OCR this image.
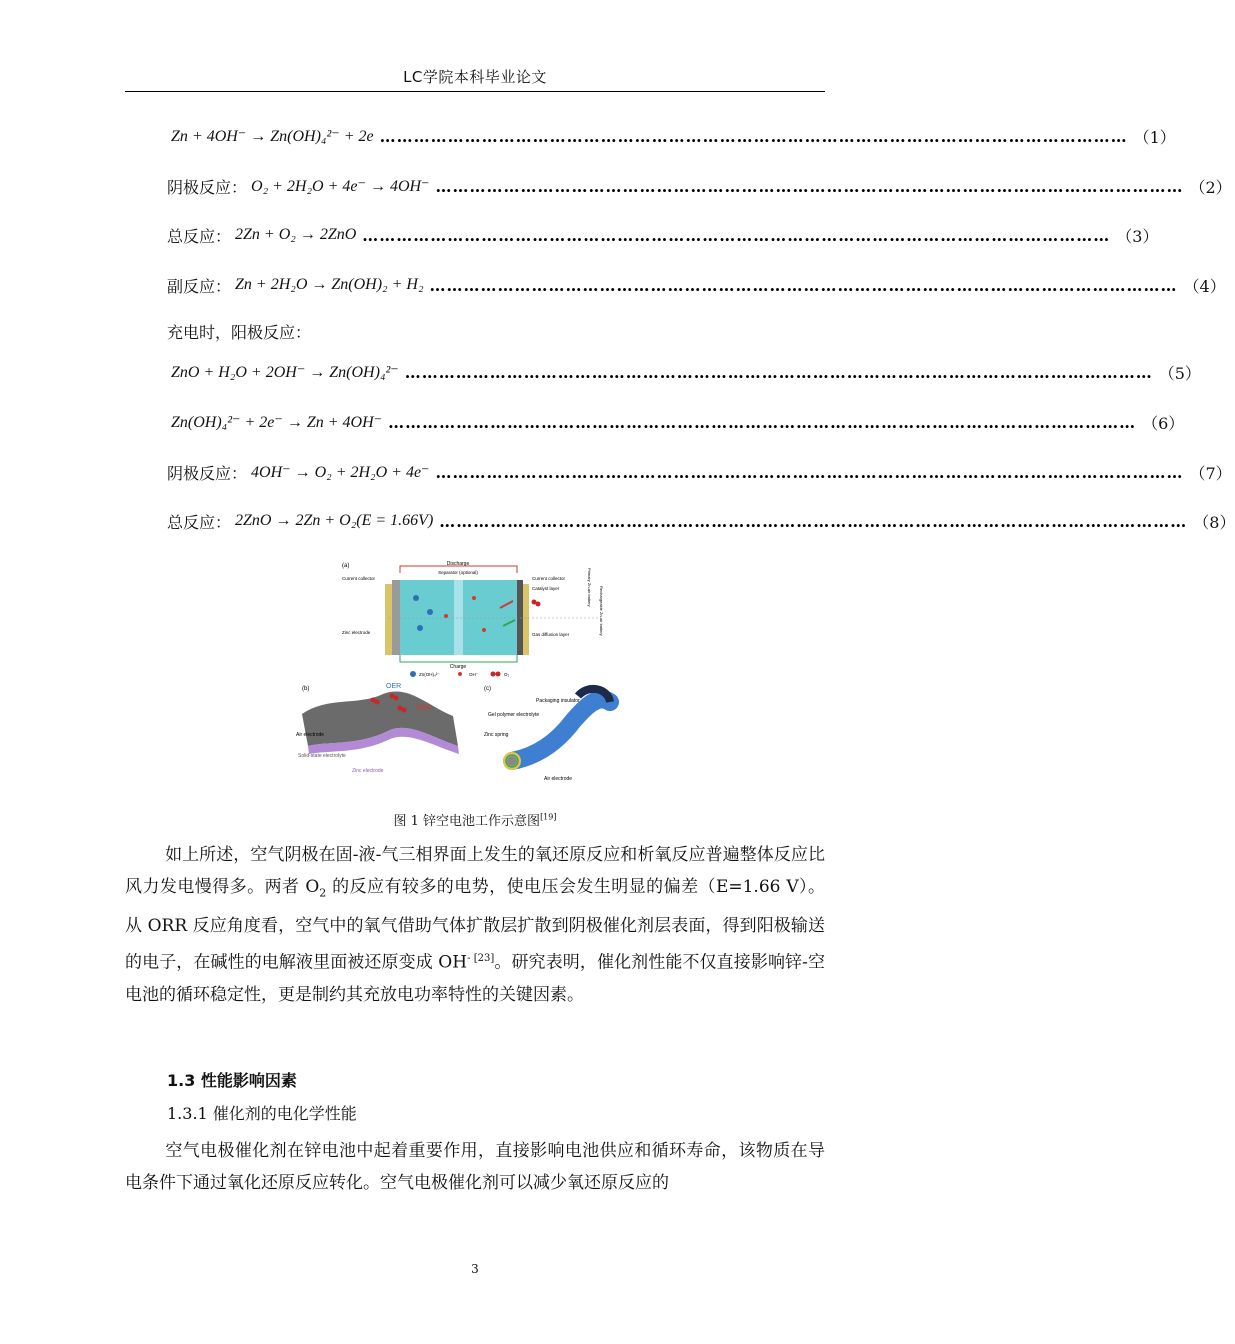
LC学院本科毕业论文
Zn + 4OH⁻ → Zn(OH)₄²⁻ + 2e …………………………………………………………………………………………………………………… （1）
阴极反应： O₂ + 2H₂O + 4e⁻ → 4OH⁻ …………………………………………………………………………………………………………………… （2）
总反应： 2Zn + O₂ → 2ZnO …………………………………………………………………………………………………………………… （3）
副反应： Zn + 2H₂O → Zn(OH)₂ + H₂ …………………………………………………………………………………………………………………… （4）
充电时，阳极反应：
ZnO + H₂O + 2OH⁻ → Zn(OH)₄²⁻ …………………………………………………………………………………………………………………… （5）
Zn(OH)₄²⁻ + 2e⁻ → Zn + 4OH⁻ …………………………………………………………………………………………………………………… （6）
阴极反应： 4OH⁻ → O₂ + 2H₂O + 4e⁻ …………………………………………………………………………………………………………………… （7）
总反应： 2ZnO → 2Zn + O₂(E = 1.66V) …………………………………………………………………………………………………………………… （8）
(a)	Discharge
Separator (optional)
Current collector	Current collector
Catalyst layer
Zinc electrode	Gas diffusion layer
Charge
Zn(OH)₄²⁻	OH⁻	O₂
Primary Zn-air battery Rechargeable Zn-air battery
(b)	OER
ORR
Air electrode
Solid-state electrolyte
Zinc electrode
(c)
Packaging insulator
Gel polymer electrolyte
Zinc spring
Air electrode
图 1 锌空电池工作示意图[19]
如上所述，空气阴极在固-液-气三相界面上发生的氧还原反应和析氧反应普遍整体反应比风力发电慢得多。两者 $O_2$ 的反应有较多的电势，使电压会发生明显的偏差（E=1.66 V）。从 ORR 反应角度看，空气中的氧气借助气体扩散层扩散到阴极催化剂层表面，得到阳极输送的电子，在碱性的电解液里面被还原变成 $OH^{- [23]}$。研究表明，催化剂性能不仅直接影响锌-空电池的循环稳定性，更是制约其充放电功率特性的关键因素。
1.3 性能影响因素
1.3.1 催化剂的电化学性能
空气电极催化剂在锌电池中起着重要作用，直接影响电池供应和循环寿命，该物质在导电条件下通过氧化还原反应转化。空气电极催化剂可以减少氧还原反应的
3
